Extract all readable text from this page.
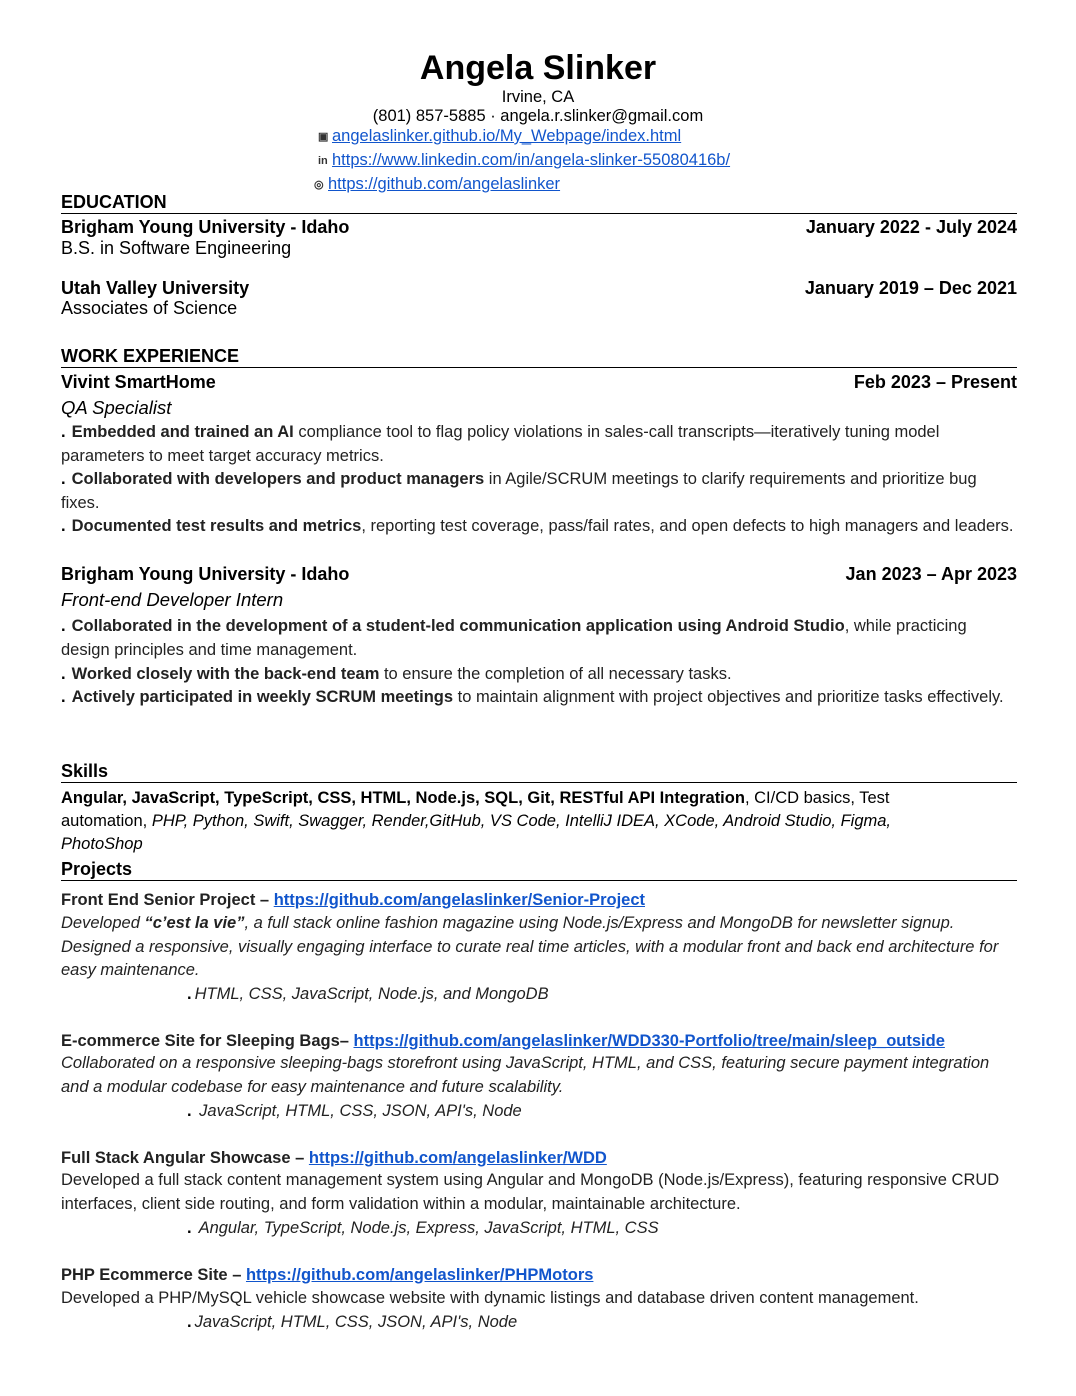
Angela Slinker
Irvine, CA
(801) 857-5885 · angela.r.slinker@gmail.com
▣ angelaslinker.github.io/My_Webpage/index.html
in https://www.linkedin.com/in/angela-slinker-55080416b/
◎ https://github.com/angelaslinker
EDUCATION
Brigham Young University - Idaho	January 2022 - July 2024
B.S. in Software Engineering
Utah Valley University	January 2019 – Dec 2021
Associates of Science
WORK EXPERIENCE
Vivint SmartHome	Feb 2023 – Present
QA Specialist
. Embedded and trained an AI compliance tool to flag policy violations in sales-call transcripts—iteratively tuning model parameters to meet target accuracy metrics.
. Collaborated with developers and product managers in Agile/SCRUM meetings to clarify requirements and prioritize bug fixes.
. Documented test results and metrics, reporting test coverage, pass/fail rates, and open defects to high managers and leaders.
Brigham Young University - Idaho	Jan 2023 – Apr 2023
Front-end Developer Intern
. Collaborated in the development of a student-led communication application using Android Studio, while practicing design principles and time management.
. Worked closely with the back-end team to ensure the completion of all necessary tasks.
. Actively participated in weekly SCRUM meetings to maintain alignment with project objectives and prioritize tasks effectively.
Skills
Angular, JavaScript, TypeScript, CSS, HTML, Node.js, SQL, Git, RESTful API Integration, CI/CD basics, Test automation, PHP, Python, Swift, Swagger, Render,GitHub, VS Code, IntelliJ IDEA, XCode, Android Studio, Figma, PhotoShop
Projects
Front End Senior Project – https://github.com/angelaslinker/Senior-Project
Developed “c’est la vie”, a full stack online fashion magazine using Node.js/Express and MongoDB for newsletter signup. Designed a responsive, visually engaging interface to curate real time articles, with a modular front and back end architecture for easy maintenance.
. HTML, CSS, JavaScript, Node.js, and MongoDB
E-commerce Site for Sleeping Bags– https://github.com/angelaslinker/WDD330-Portfolio/tree/main/sleep_outside
Collaborated on a responsive sleeping-bags storefront using JavaScript, HTML, and CSS, featuring secure payment integration and a modular codebase for easy maintenance and future scalability.
. JavaScript, HTML, CSS, JSON, API's, Node
Full Stack Angular Showcase – https://github.com/angelaslinker/WDD
Developed a full stack content management system using Angular and MongoDB (Node.js/Express), featuring responsive CRUD interfaces, client side routing, and form validation within a modular, maintainable architecture.
. Angular, TypeScript, Node.js, Express, JavaScript, HTML, CSS
PHP Ecommerce Site – https://github.com/angelaslinker/PHPMotors
Developed a PHP/MySQL vehicle showcase website with dynamic listings and database driven content management.
. JavaScript, HTML, CSS, JSON, API's, Node
